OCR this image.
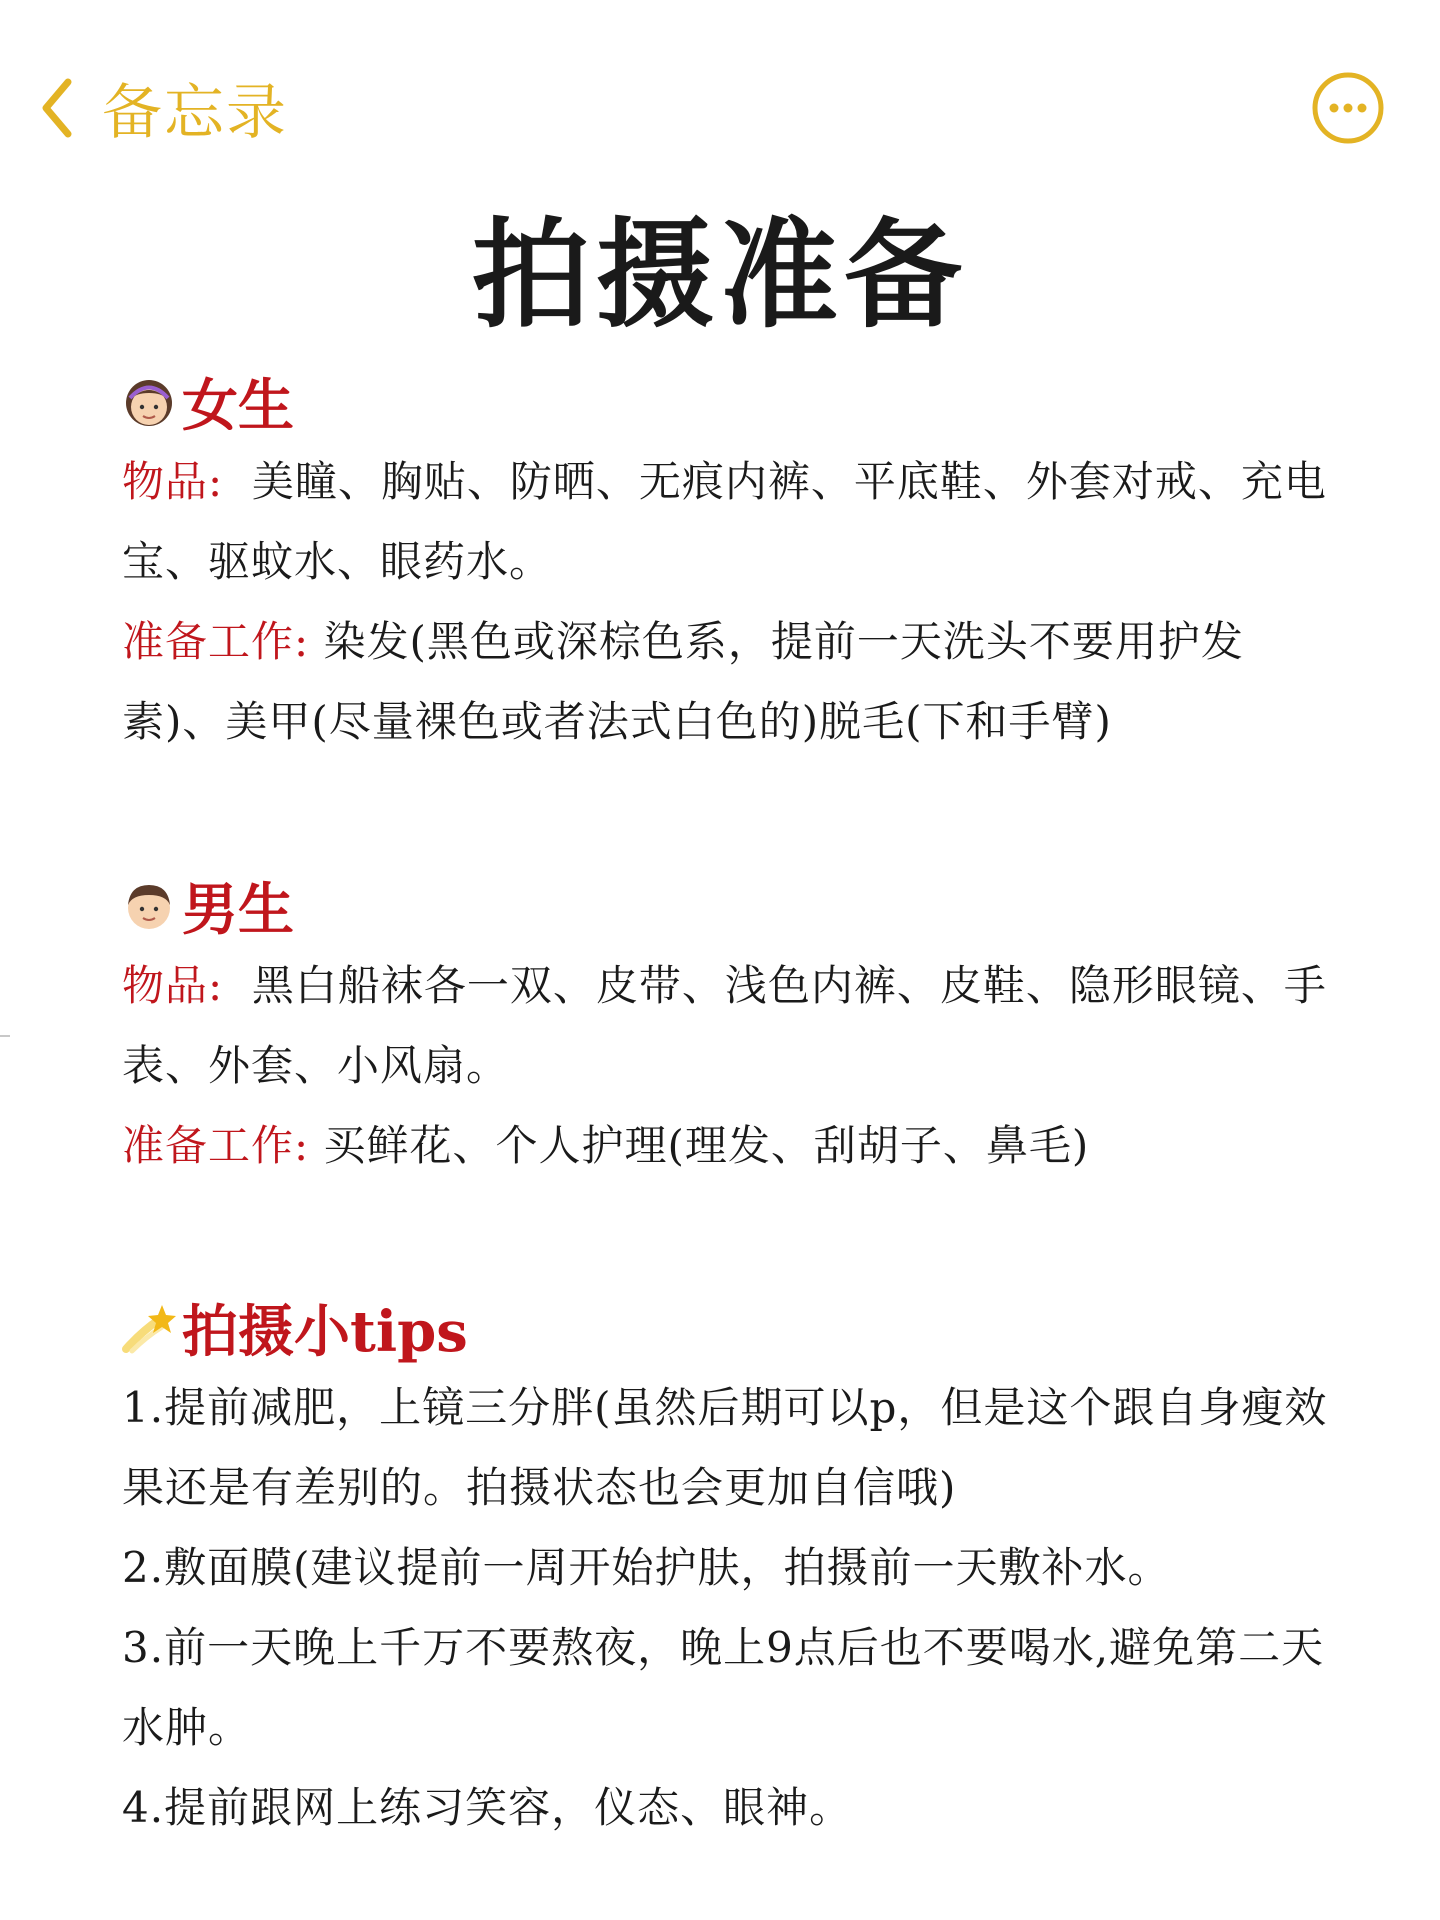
备忘录
拍摄准备
女生
物品: 美瞳、胸贴、防晒、无痕内裤、平底鞋、外套对戒、充电宝、驱蚊水、眼药水。
准备工作: 染发(黑色或深棕色系，提前一天洗头不要用护发素)、美甲(尽量裸色或者法式白色的)脱毛(下和手臂)
男生
物品: 黑白船袜各一双、皮带、浅色内裤、皮鞋、隐形眼镜、手表、外套、小风扇。
准备工作: 买鲜花、个人护理(理发、刮胡子、鼻毛)
拍摄小tips
1.提前减肥，上镜三分胖(虽然后期可以p，但是这个跟自身瘦效果还是有差别的。拍摄状态也会更加自信哦)
2.敷面膜(建议提前一周开始护肤，拍摄前一天敷补水。
3.前一天晚上千万不要熬夜，晚上9点后也不要喝水,避免第二天水肿。
4.提前跟网上练习笑容，仪态、眼神。
